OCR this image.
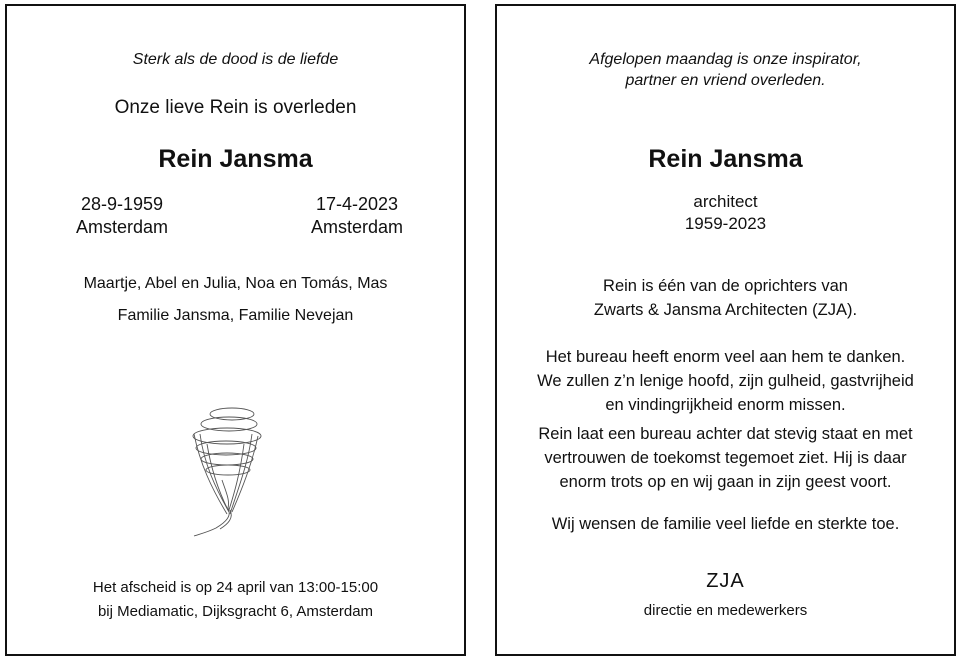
Sterk als de dood is de liefde
Onze lieve Rein is overleden
Rein Jansma
28-9-1959
Amsterdam
17-4-2023
Amsterdam
Maartje, Abel en Julia, Noa en Tomás, Mas
Familie Jansma, Familie Nevejan
Het afscheid is op 24 april van 13:00-15:00
bij Mediamatic, Dijksgracht 6, Amsterdam
Afgelopen maandag is onze inspirator,
partner en vriend overleden.
Rein Jansma
architect
1959-2023
Rein is één van de oprichters van
Zwarts & Jansma Architecten (ZJA).
Het bureau heeft enorm veel aan hem te danken.
We zullen z’n lenige hoofd, zijn gulheid, gastvrijheid
en vindingrijkheid enorm missen.
Rein laat een bureau achter dat stevig staat en met
vertrouwen de toekomst tegemoet ziet. Hij is daar
enorm trots op en wij gaan in zijn geest voort.
Wij wensen de familie veel liefde en sterkte toe.
ZJA
directie en medewerkers
